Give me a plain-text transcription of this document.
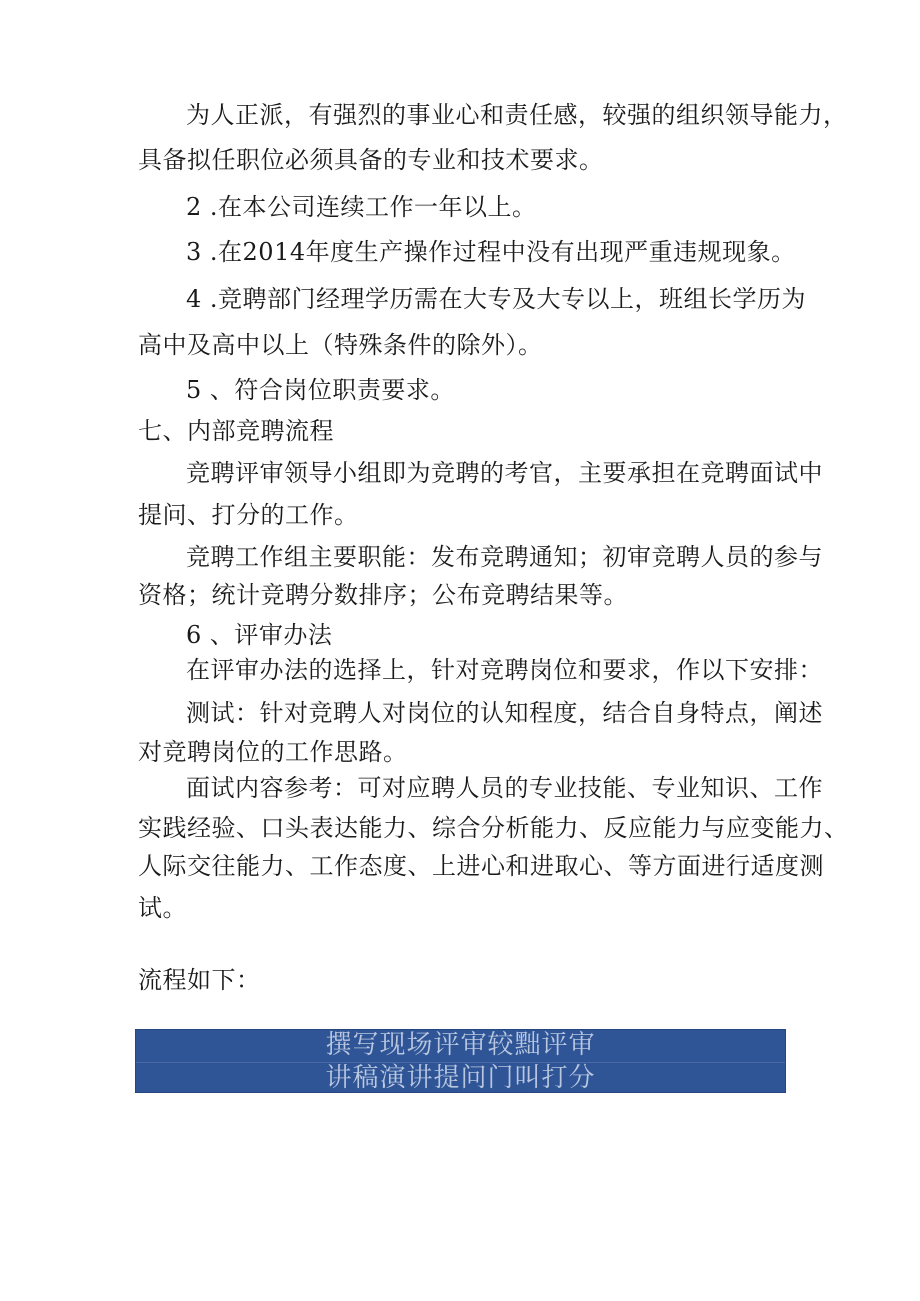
为人正派，有强烈的事业心和责任感，较强的组织领导能力，
具备拟任职位必须具备的专业和技术要求。
2 .在本公司连续工作一年以上。
3 .在2014年度生产操作过程中没有出现严重违规现象。
4 .竞聘部门经理学历需在大专及大专以上，班组长学历为
高中及高中以上（特殊条件的除外）。
5 、符合岗位职责要求。
七、内部竞聘流程
竞聘评审领导小组即为竞聘的考官，主要承担在竞聘面试中
提问、打分的工作。
竞聘工作组主要职能：发布竞聘通知；初审竞聘人员的参与
资格；统计竞聘分数排序；公布竞聘结果等。
6 、评审办法
在评审办法的选择上，针对竞聘岗位和要求，作以下安排：
测试：针对竞聘人对岗位的认知程度，结合自身特点，阐述
对竞聘岗位的工作思路。
面试内容参考：可对应聘人员的专业技能、专业知识、工作
实践经验、口头表达能力、综合分析能力、反应能力与应变能力、
人际交往能力、工作态度、上进心和进取心、等方面进行适度测
试。
流程如下：
撰写现场评审较黜评审
讲稿演讲提问门叫打分
